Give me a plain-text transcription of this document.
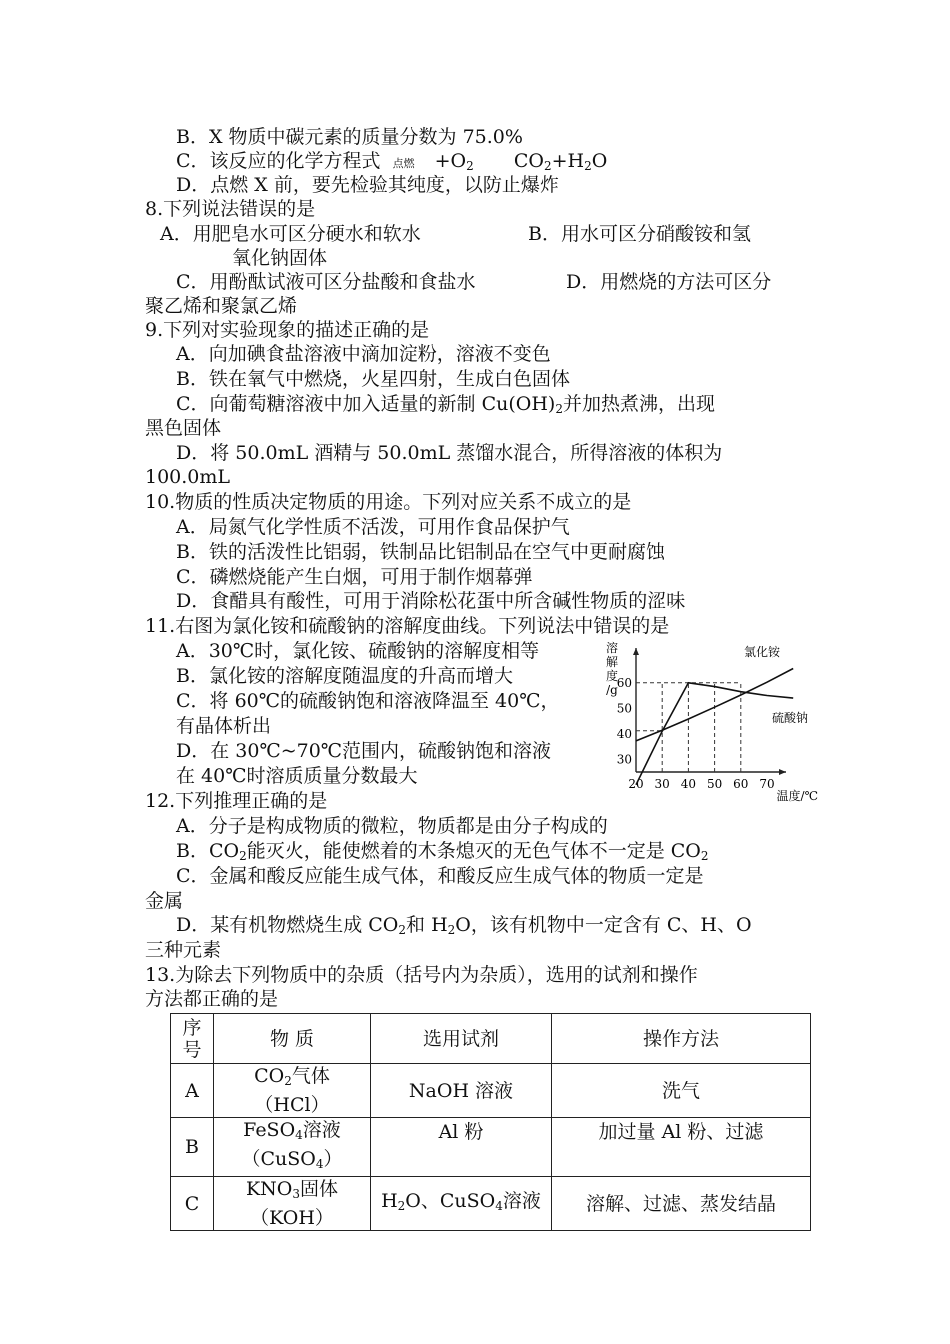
B．X 物质中碳元素的质量分数为 75.0%
C．该反应的化学方程式 点燃 $+O_2$ $CO_2+H_2O$
D．点燃 X 前，要先检验其纯度，以防止爆炸
8.下列说法错误的是
A．用肥皂水可区分硬水和软水	B．用水可区分硝酸铵和氢
氧化钠固体
C．用酚酞试液可区分盐酸和食盐水	D．用燃烧的方法可区分
聚乙烯和聚氯乙烯
9.下列对实验现象的描述正确的是
A．向加碘食盐溶液中滴加淀粉，溶液不变色
B．铁在氧气中燃烧，火星四射，生成白色固体
C．向葡萄糖溶液中加入适量的新制 $Cu(OH)_2$并加热煮沸，出现
黑色固体
D．将 50.0mL 酒精与 50.0mL 蒸馏水混合，所得溶液的体积为
100.0mL
10.物质的性质决定物质的用途。下列对应关系不成立的是
A．局氮气化学性质不活泼，可用作食品保护气
B．铁的活泼性比铝弱，铁制品比铝制品在空气中更耐腐蚀
C．磷燃烧能产生白烟，可用于制作烟幕弹
D．食醋具有酸性，可用于消除松花蛋中所含碱性物质的涩味
11.右图为氯化铵和硫酸钠的溶解度曲线。下列说法中错误的是
A．30℃时，氯化铵、硫酸钠的溶解度相等
B．氯化铵的溶解度随温度的升高而增大
C．将 60℃的硫酸钠饱和溶液降温至 40℃，
有晶体析出
D．在 30℃~70℃范围内，硫酸钠饱和溶液
在 40℃时溶质质量分数最大
溶
解
度
/g
20 30 40 50 60 70
30
40
50
60
温度/℃
氯化铵
硫酸钠
12.下列推理正确的是
A．分子是构成物质的微粒，物质都是由分子构成的
B．$CO_2$能灭火，能使燃着的木条熄灭的无色气体不一定是 $CO_2$
C．金属和酸反应能生成气体，和酸反应生成气体的物质一定是
金属
D．某有机物燃烧生成 $CO_2$和 $H_2O$，该有机物中一定含有 C、H、O
三种元素
13.为除去下列物质中的杂质（括号内为杂质），选用的试剂和操作
方法都正确的是
序
号	物 质	选用试剂	操作方法
A	$CO_2$气体
（HCl）	NaOH 溶液	洗气
B	FeSO$_4$溶液
（CuSO$_4$）	Al 粉	加过量 Al 粉、过滤
C	$KNO_3$固体
（KOH）	$H_2O$、CuSO$_4$溶液	溶解、过滤、蒸发结晶
